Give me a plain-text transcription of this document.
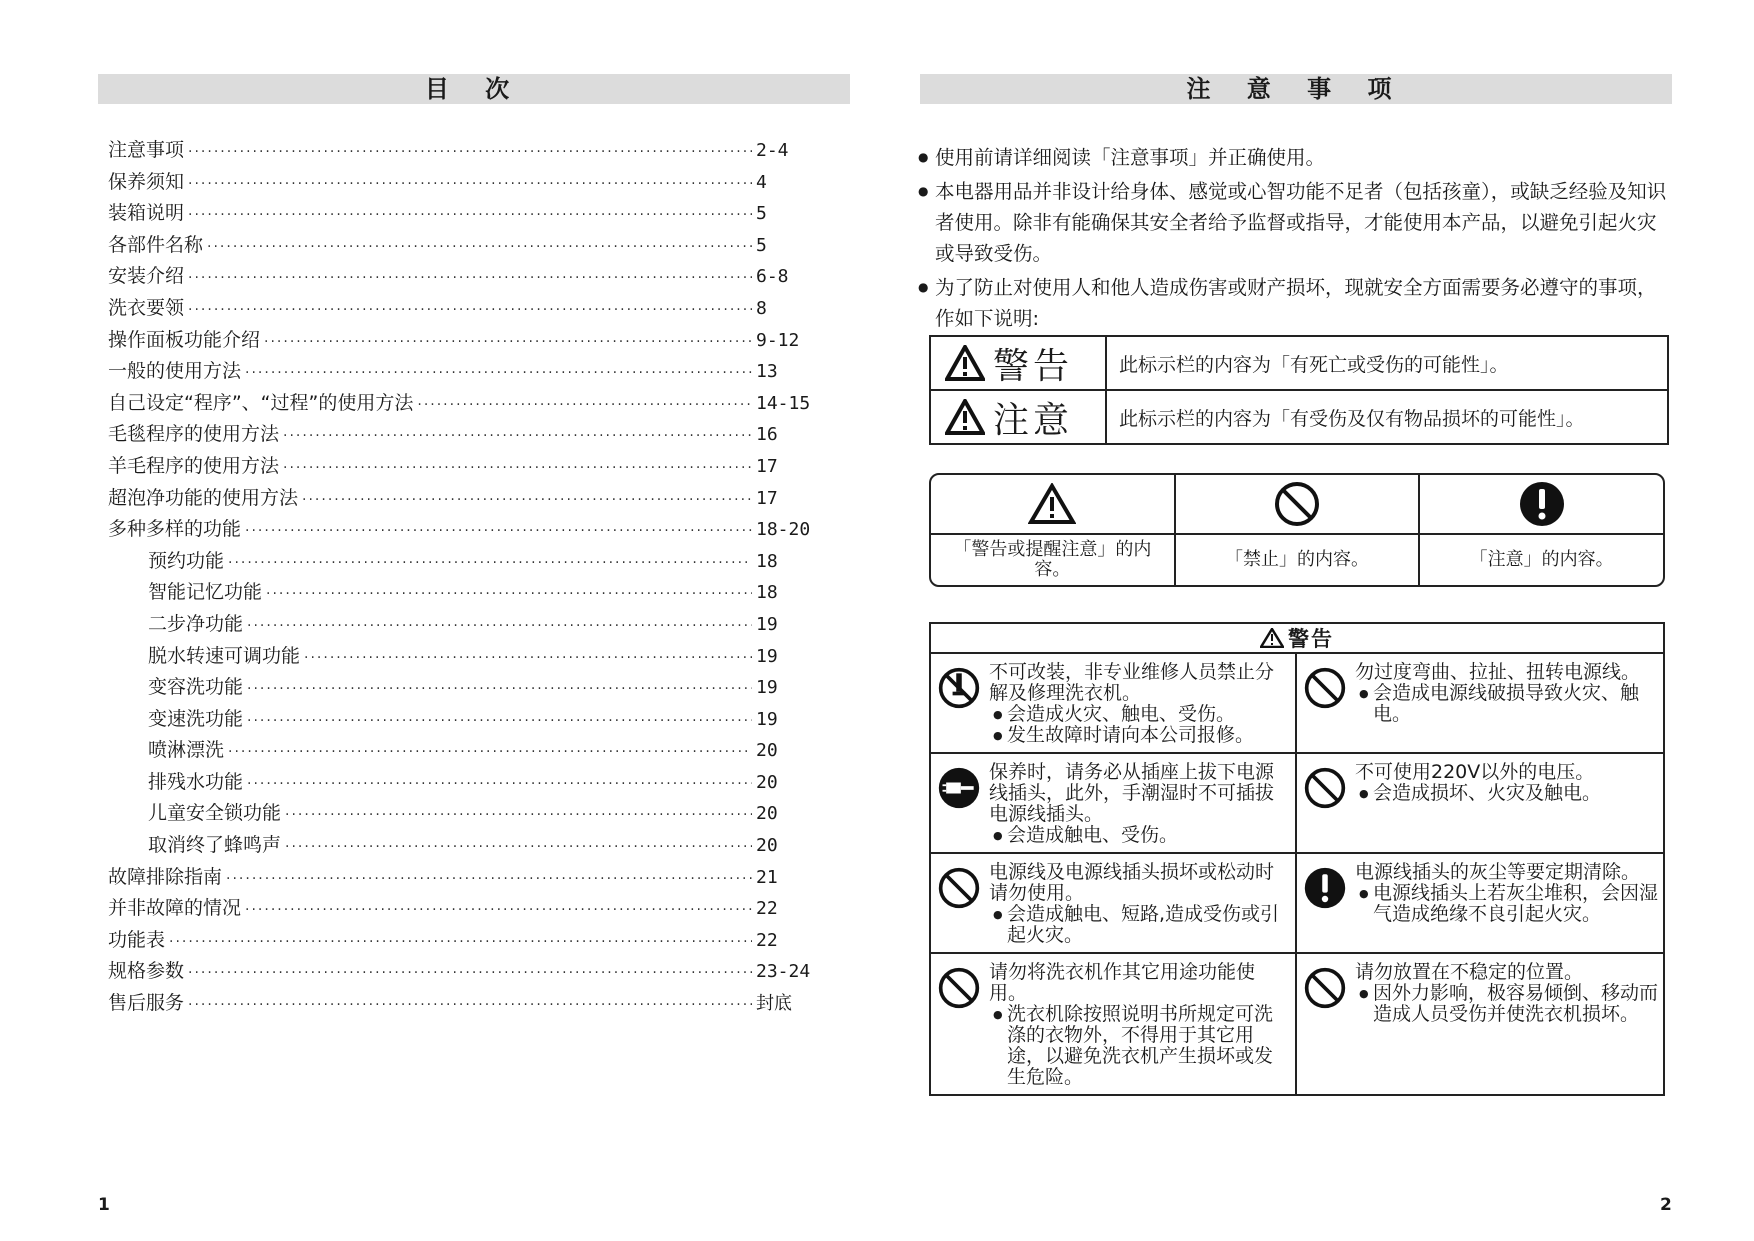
目 次
注意事项 ·····	2-4
保养须知 ·····	4
装箱说明 ·····	5
各部件名称 ·····	5
安装介绍 ·····	6-8
洗衣要领 ·····	8
操作面板功能介绍 ·····	9-12
一般的使用方法 ·····	13
自己设定“程序”、“过程”的使用方法 ·····	14-15
毛毯程序的使用方法 ·····	16
羊毛程序的使用方法 ·····	17
超泡净功能的使用方法 ·····	17
多种多样的功能 ·····	18-20
预约功能 ·····	18
智能记忆功能 ·····	18
二步净功能 ·····	19
脱水转速可调功能 ·····	19
变容洗功能 ·····	19
变速洗功能 ·····	19
喷淋漂洗 ·····	20
排残水功能 ·····	20
儿童安全锁功能 ·····	20
取消终了蜂鸣声 ·····	20
故障排除指南 ·····	21
并非故障的情况 ·····	22
功能表 ·····	22
规格参数 ·····	23-24
售后服务 ·····	封底
1
注 意 事 项
● 使用前请详细阅读「注意事项」并正确使用。
● 本电器用品并非设计给身体、感觉或心智功能不足者（包括孩童），或缺乏经验及知识者使用。除非有能确保其安全者给予监督或指导，才能使用本产品，以避免引起火灾或导致受伤。
● 为了防止对使用人和他人造成伤害或财产损坏，现就安全方面需要务必遵守的事项，作如下说明:
警告	此标示栏的内容为「有死亡或受伤的可能性」。
注意	此标示栏的内容为「有受伤及仅有物品损坏的可能性」。
「警告或提醒注意」的内容。	「禁止」的内容。	「注意」的内容。
警告
不可改装，非专业维修人员禁止分解及修理洗衣机。
● 会造成火灾、触电、受伤。
● 发生故障时请向本公司报修。
勿过度弯曲、拉扯、扭转电源线。
● 会造成电源线破损导致火灾、触电。
保养时，请务必从插座上拔下电源线插头，此外，手潮湿时不可插拔电源线插头。
● 会造成触电、受伤。
不可使用220V以外的电压。
● 会造成损坏、火灾及触电。
电源线及电源线插头损坏或松动时请勿使用。
● 会造成触电、短路,造成受伤或引起火灾。
电源线插头的灰尘等要定期清除。
● 电源线插头上若灰尘堆积，会因湿气造成绝缘不良引起火灾。
请勿将洗衣机作其它用途功能使用。
● 洗衣机除按照说明书所规定可洗涤的衣物外，不得用于其它用途，以避免洗衣机产生损坏或发生危险。
请勿放置在不稳定的位置。
● 因外力影响，极容易倾倒、移动而造成人员受伤并使洗衣机损坏。
2
